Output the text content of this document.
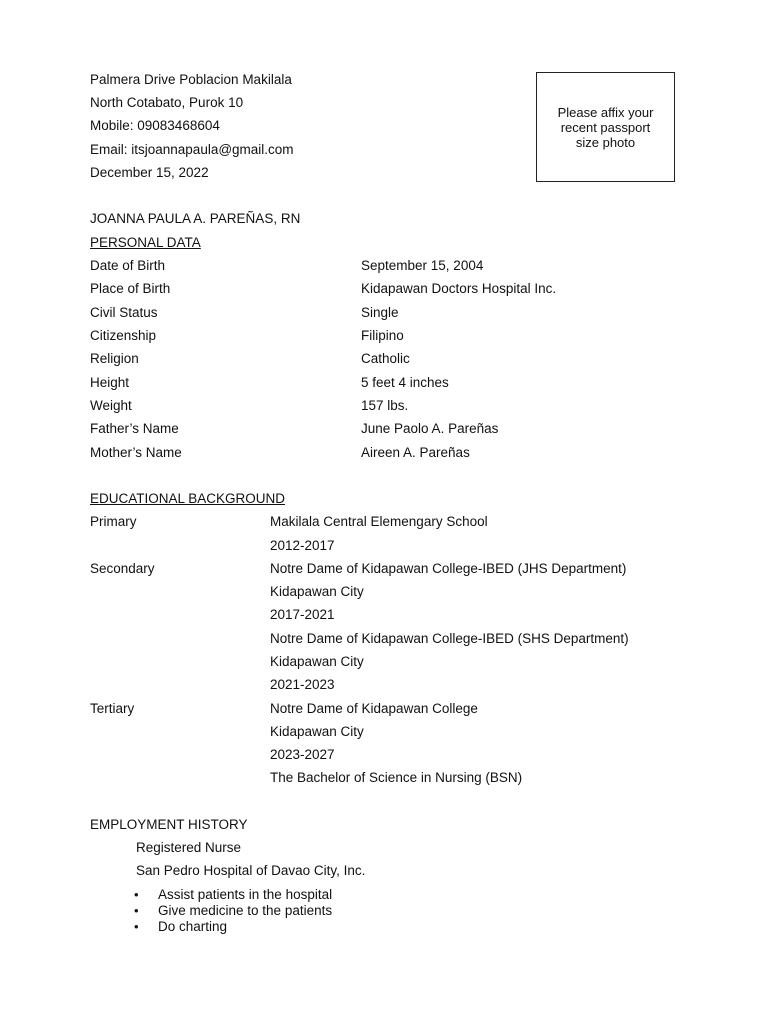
Palmera Drive Poblacion Makilala
North Cotabato, Purok 10
Mobile: 09083468604
Email: itsjoannapaula@gmail.com
December 15, 2022
Please affix your
recent passport
size photo
JOANNA PAULA A. PAREÑAS, RN
PERSONAL DATA
Date of Birth	September 15, 2004
Place of Birth	Kidapawan Doctors Hospital Inc.
Civil Status	Single
Citizenship	Filipino
Religion	Catholic
Height	5 feet 4 inches
Weight	157 lbs.
Father’s Name	June Paolo A. Pareñas
Mother’s Name	Aireen A. Pareñas
EDUCATIONAL BACKGROUND
Primary	Makilala Central Elemengary School
2012-2017
Secondary	Notre Dame of Kidapawan College-IBED (JHS Department)
Kidapawan City
2017-2021
Notre Dame of Kidapawan College-IBED (SHS Department)
Kidapawan City
2021-2023
Tertiary	Notre Dame of Kidapawan College
Kidapawan City
2023-2027
The Bachelor of Science in Nursing (BSN)
EMPLOYMENT HISTORY
Registered Nurse
San Pedro Hospital of Davao City, Inc.
• Assist patients in the hospital
• Give medicine to the patients
• Do charting
